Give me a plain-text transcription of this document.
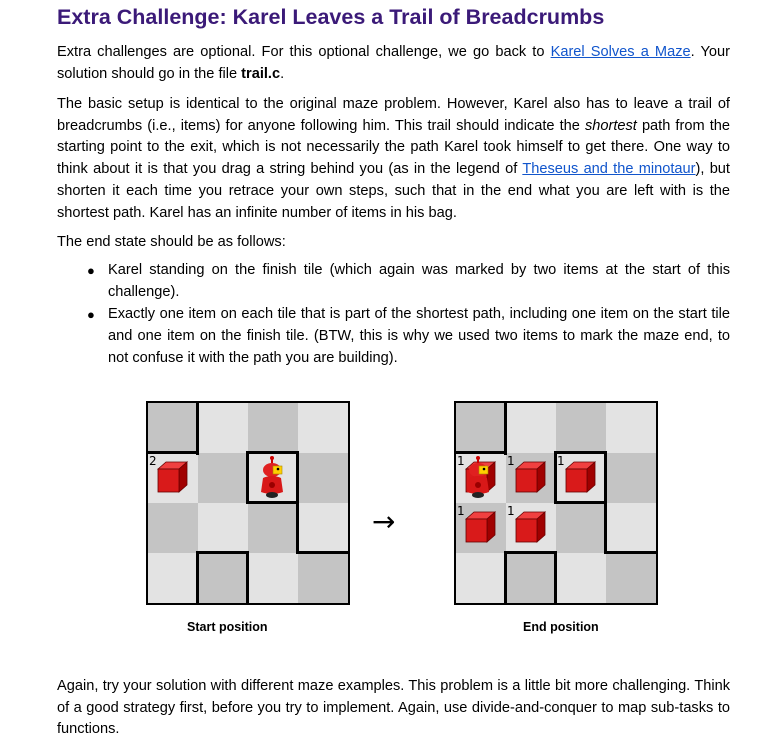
Extra Challenge: Karel Leaves a Trail of Breadcrumbs

Extra challenges are optional. For this optional challenge, we go back to Karel Solves a Maze. Your solution should go in the file trail.c.

The basic setup is identical to the original maze problem. However, Karel also has to leave a trail of breadcrumbs (i.e., items) for anyone following him. This trail should indicate the shortest path from the starting point to the exit, which is not necessarily the path Karel took himself to get there. One way to think about it is that you drag a string behind you (as in the legend of Theseus and the minotaur), but shorten it each time you retrace your own steps, such that in the end what you are left with is the shortest path. Karel has an infinite number of items in his bag.

The end state should be as follows:

● Karel standing on the finish tile (which again was marked by two items at the start of this challenge).
● Exactly one item on each tile that is part of the shortest path, including one item on the start tile and one item on the finish tile. (BTW, this is why we used two items to mark the maze end, to not confuse it with the path you are building).

Again, try your solution with different maze examples. This problem is a little bit more challenging. Think of a good strategy first, before you try to implement. Again, use divide-and-conquer to map sub-tasks to functions.

2	1	1	1
1	1
→
Start position	End position
